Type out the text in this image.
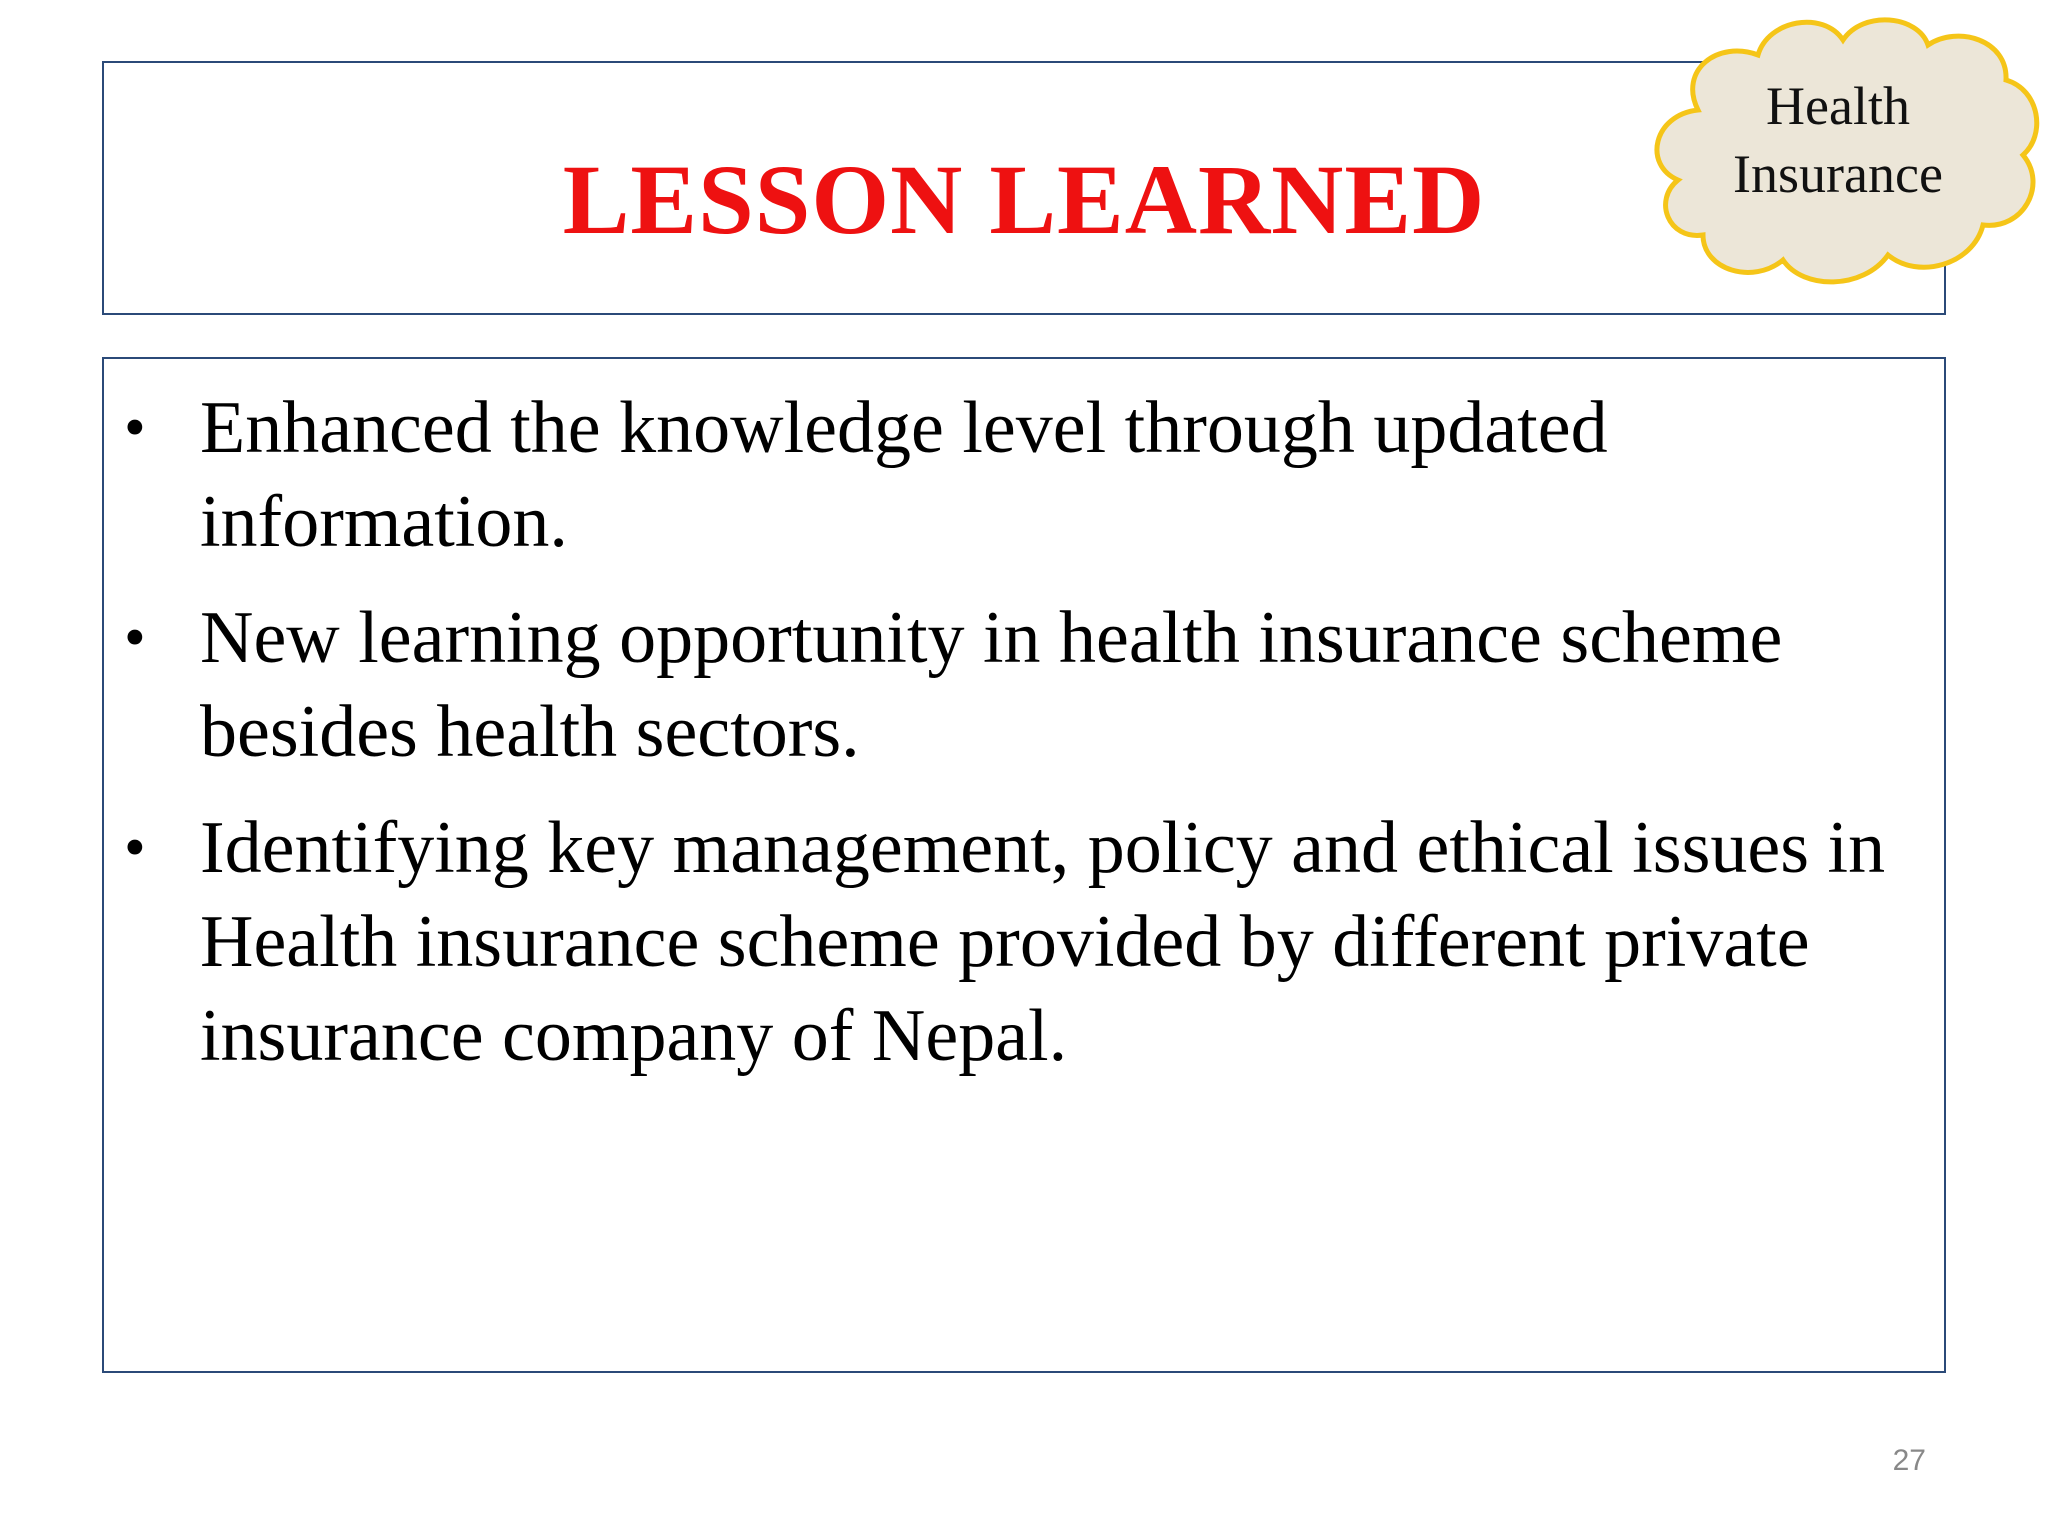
LESSON LEARNED
Health
Insurance
• Enhanced the knowledge level through updated information.
• New learning opportunity in health insurance scheme besides health sectors.
• Identifying key management, policy and ethical issues in Health insurance scheme provided by different private insurance company of Nepal.
27
